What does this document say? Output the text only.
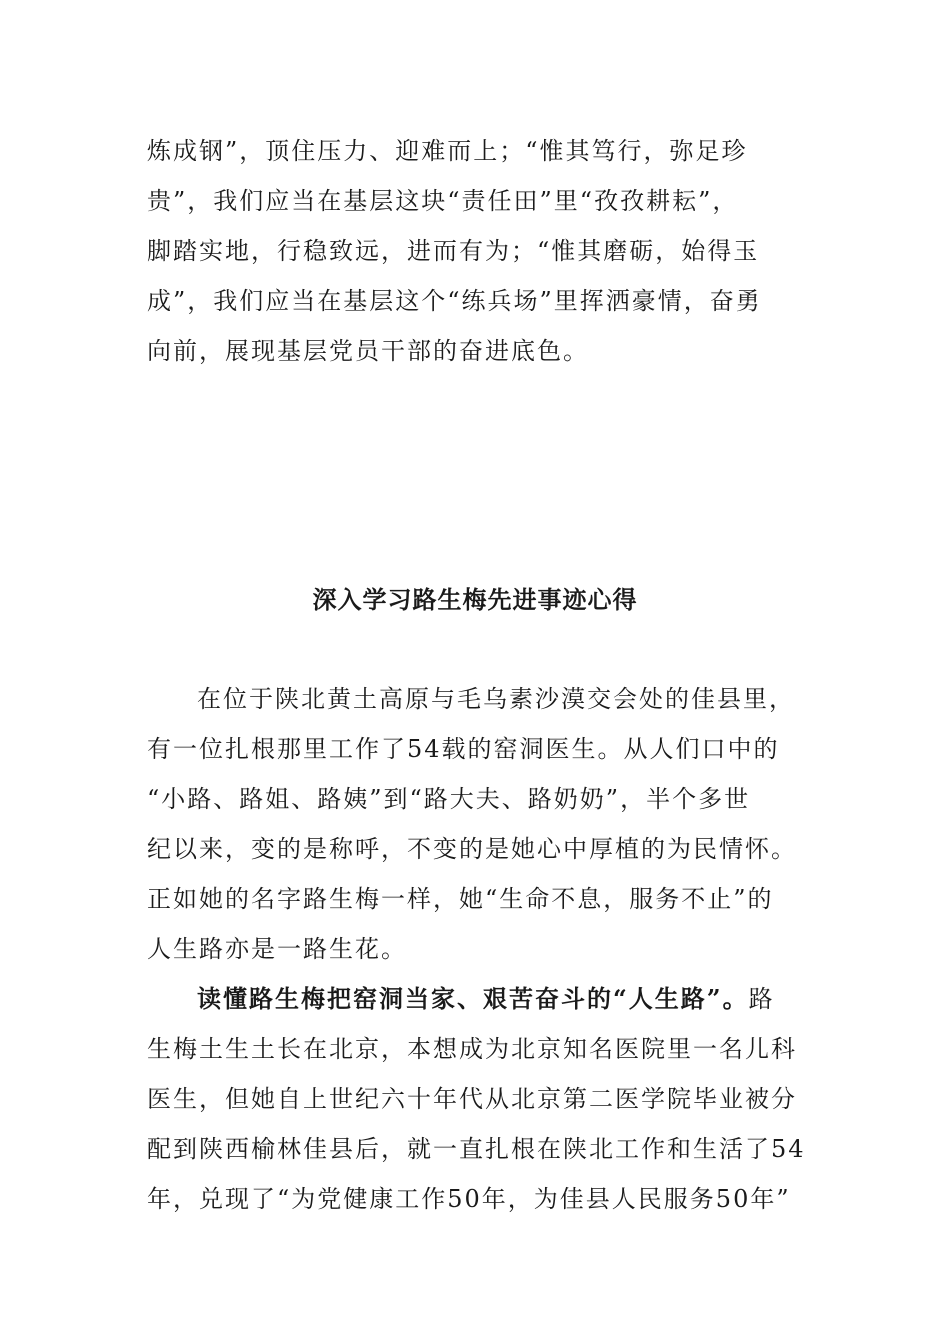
炼成钢”，顶住压力、迎难而上；“惟其笃行，弥足珍
贵”，我们应当在基层这块“责任田”里“孜孜耕耘”，
脚踏实地，行稳致远，进而有为；“惟其磨砺，始得玉
成”，我们应当在基层这个“练兵场”里挥洒豪情，奋勇
向前，展现基层党员干部的奋进底色。
深入学习路生梅先进事迹心得
在位于陕北黄土高原与毛乌素沙漠交会处的佳县里，
有一位扎根那里工作了54载的窑洞医生。从人们口中的
“小路、路姐、路姨”到“路大夫、路奶奶”，半个多世
纪以来，变的是称呼，不变的是她心中厚植的为民情怀。
正如她的名字路生梅一样，她“生命不息，服务不止”的
人生路亦是一路生花。
读懂路生梅把窑洞当家、艰苦奋斗的“人生路”。路
生梅土生土长在北京，本想成为北京知名医院里一名儿科
医生，但她自上世纪六十年代从北京第二医学院毕业被分
配到陕西榆林佳县后，就一直扎根在陕北工作和生活了54
年，兑现了“为党健康工作50年，为佳县人民服务50年”
